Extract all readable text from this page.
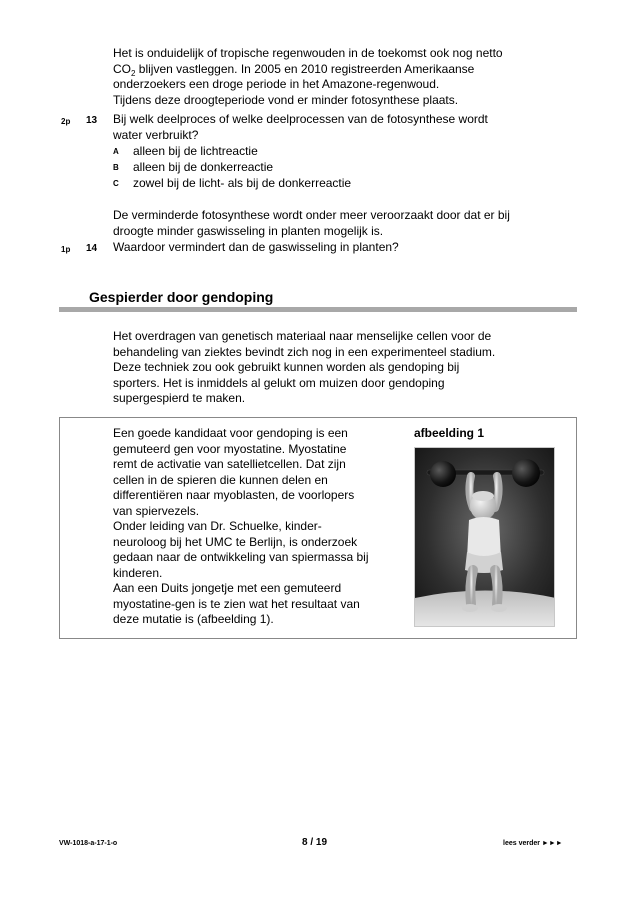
Het is onduidelijk of tropische regenwouden in de toekomst ook nog netto
$CO_2$ blijven vastleggen. In 2005 en 2010 registreerden Amerikaanse
onderzoekers een droge periode in het Amazone-regenwoud.
Tijdens deze droogteperiode vond er minder fotosynthese plaats.
2p 13 Bij welk deelproces of welke deelprocessen van de fotosynthese wordt
water verbruikt?
A alleen bij de lichtreactie
B alleen bij de donkerreactie
C zowel bij de licht- als bij de donkerreactie
De verminderde fotosynthese wordt onder meer veroorzaakt door dat er bij
droogte minder gaswisseling in planten mogelijk is.
1p 14 Waardoor vermindert dan de gaswisseling in planten?
Gespierder door gendoping
Het overdragen van genetisch materiaal naar menselijke cellen voor de
behandeling van ziektes bevindt zich nog in een experimenteel stadium.
Deze techniek zou ook gebruikt kunnen worden als gendoping bij
sporters. Het is inmiddels al gelukt om muizen door gendoping
supergespierd te maken.
Een goede kandidaat voor gendoping is een
gemuteerd gen voor myostatine. Myostatine
remt de activatie van satellietcellen. Dat zijn
cellen in de spieren die kunnen delen en
differentiëren naar myoblasten, de voorlopers
van spiervezels.
Onder leiding van Dr. Schuelke, kinder-
neuroloog bij het UMC te Berlijn, is onderzoek
gedaan naar de ontwikkeling van spiermassa bij
kinderen.
Aan een Duits jongetje met een gemuteerd
myostatine-gen is te zien wat het resultaat van
deze mutatie is (afbeelding 1).
afbeelding 1
VW-1018-a-17-1-o	8 / 19	lees verder ►►►
